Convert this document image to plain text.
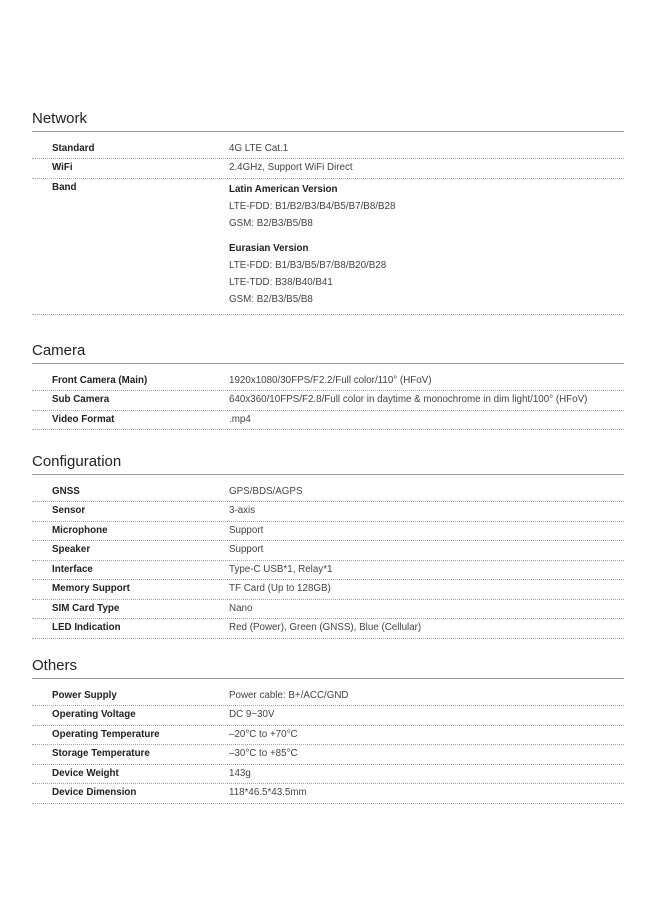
Network
Standard	4G LTE Cat.1
WiFi	2.4GHz, Support WiFi Direct
Band	Latin American Version
LTE-FDD: B1/B2/B3/B4/B5/B7/B8/B28
GSM: B2/B3/B5/B8
Eurasian Version
LTE-FDD: B1/B3/B5/B7/B8/B20/B28
LTE-TDD: B38/B40/B41
GSM: B2/B3/B5/B8
Camera
Front Camera (Main)	1920x1080/30FPS/F2.2/Full color/110° (HFoV)
Sub Camera	640x360/10FPS/F2.8/Full color in daytime & monochrome in dim light/100° (HFoV)
Video Format	.mp4
Configuration
GNSS	GPS/BDS/AGPS
Sensor	3-axis
Microphone	Support
Speaker	Support
Interface	Type-C USB*1, Relay*1
Memory Support	TF Card (Up to 128GB)
SIM Card Type	Nano
LED Indication	Red (Power), Green (GNSS), Blue (Cellular)
Others
Power Supply	Power cable: B+/ACC/GND
Operating Voltage	DC 9~30V
Operating Temperature	–20°C to +70°C
Storage Temperature	–30°C to +85°C
Device Weight	143g
Device Dimension	118*46.5*43.5mm
